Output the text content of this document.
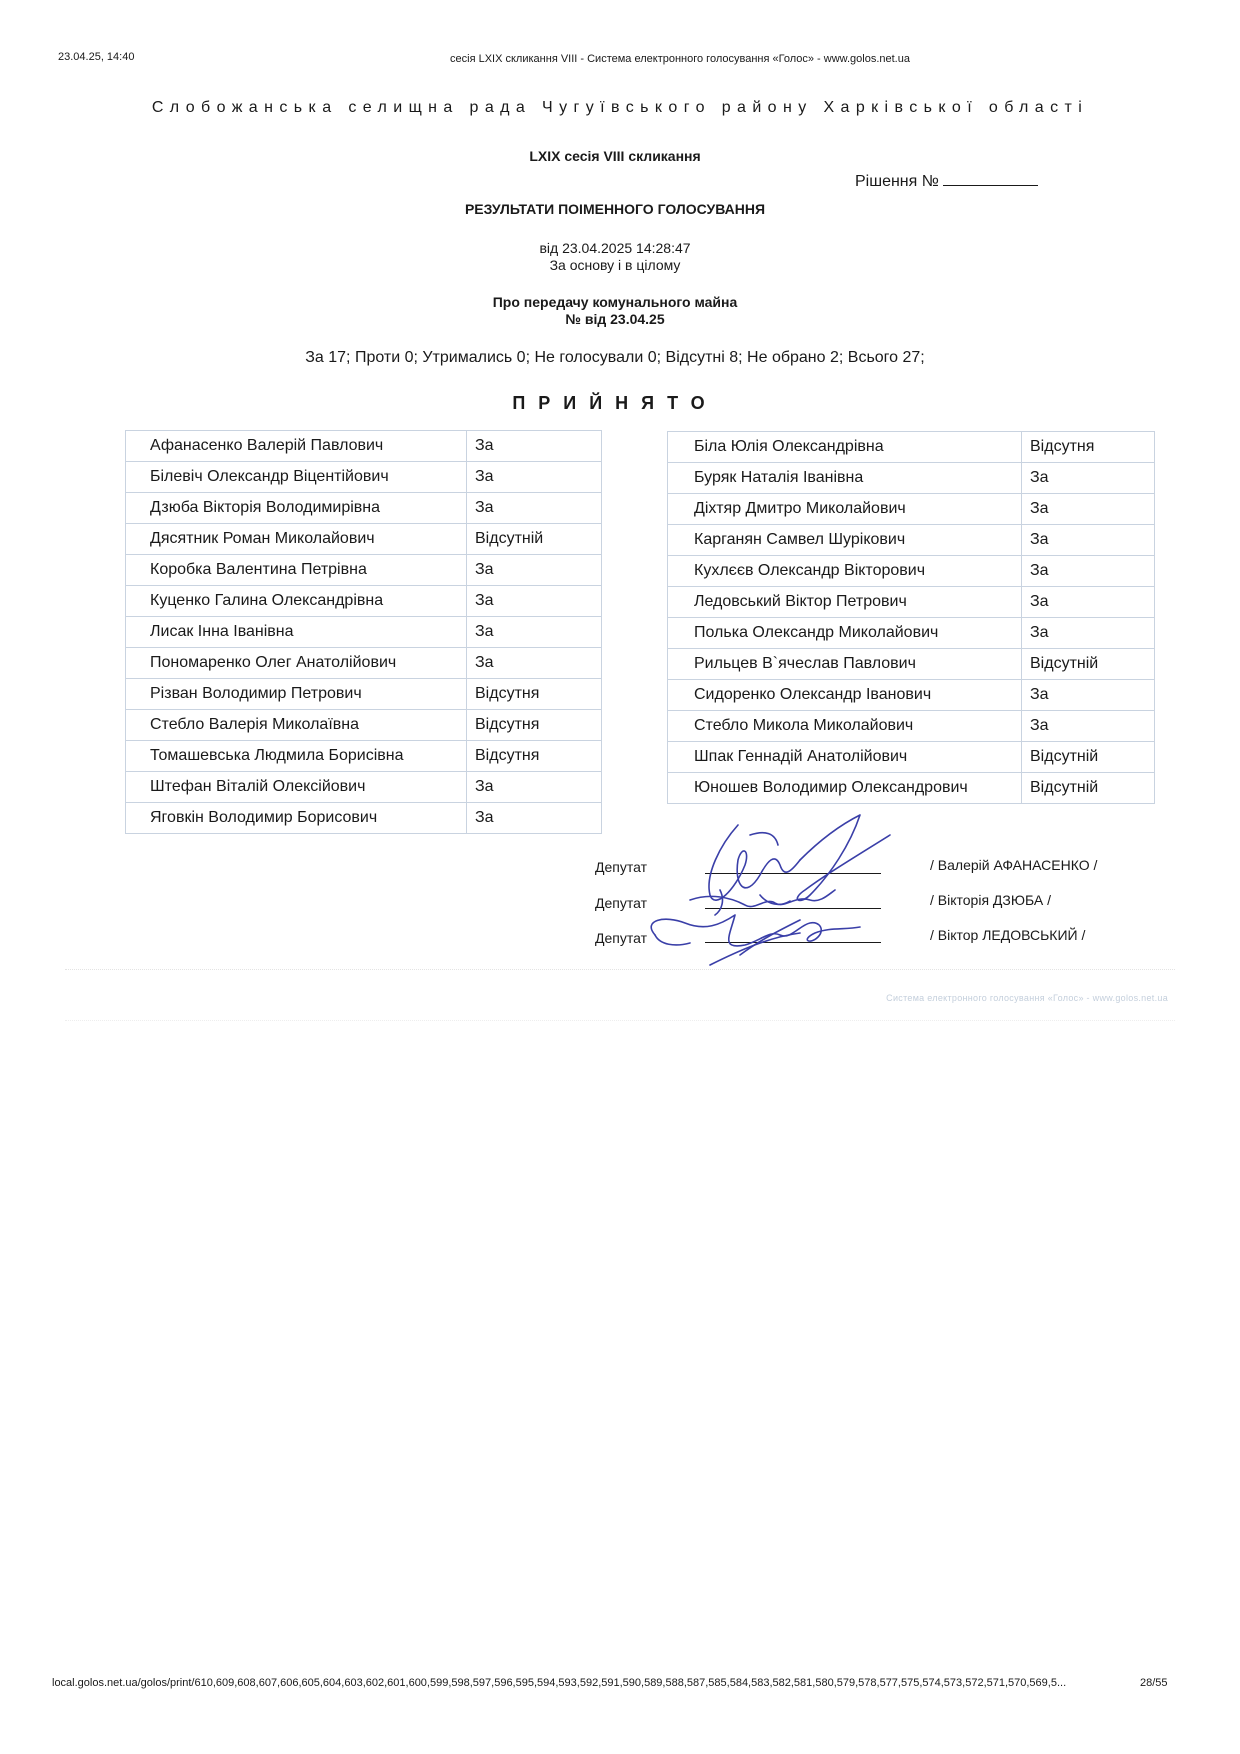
23.04.25, 14:40	сесія LXIX скликання VIII - Система електронного голосування «Голос» - www.golos.net.ua
Слобожанська селищна рада Чугуївського району Харківської області
LXIX сесія VIII скликання
Рішення №
РЕЗУЛЬТАТИ ПОІМЕННОГО ГОЛОСУВАННЯ
від 23.04.2025 14:28:47
За основу і в цілому
Про передачу комунального майна
№ від 23.04.25
За 17; Проти 0; Утримались 0; Не голосували 0; Відсутні 8; Не обрано 2; Всього 27;
ПРИЙНЯТО
Афанасенко Валерій Павлович	За
Білевіч Олександр Віцентійович	За
Дзюба Вікторія Володимирівна	За
Дясятник Роман Миколайович	Відсутній
Коробка Валентина Петрівна	За
Куценко Галина Олександрівна	За
Лисак Інна Іванівна	За
Пономаренко Олег Анатолійович	За
Різван Володимир Петрович	Відсутня
Стебло Валерія Миколаївна	Відсутня
Томашевська Людмила Борисівна	Відсутня
Штефан Віталій Олексійович	За
Яговкін Володимир Борисович	За
Біла Юлія Олександрівна	Відсутня
Буряк Наталія Іванівна	За
Діхтяр Дмитро Миколайович	За
Карганян Самвел Шурікович	За
Кухлєєв Олександр Вікторович	За
Ледовський Віктор Петрович	За
Полька Олександр Миколайович	За
Рильцев В`ячеслав Павлович	Відсутній
Сидоренко Олександр Іванович	За
Стебло Микола Миколайович	За
Шпак Геннадій Анатолійович	Відсутній
Юношев Володимир Олександрович	Відсутній
Депутат	/ Валерій АФАНАСЕНКО /
Депутат	/ Вікторія ДЗЮБА /
Депутат	/ Віктор ЛЕДОВСЬКИЙ /
Система електронного голосування «Голос» - www.golos.net.ua
local.golos.net.ua/golos/print/610,609,608,607,606,605,604,603,602,601,600,599,598,597,596,595,594,593,592,591,590,589,588,587,585,584,583,582,581,580,579,578,577,575,574,573,572,571,570,569,5...	28/55
